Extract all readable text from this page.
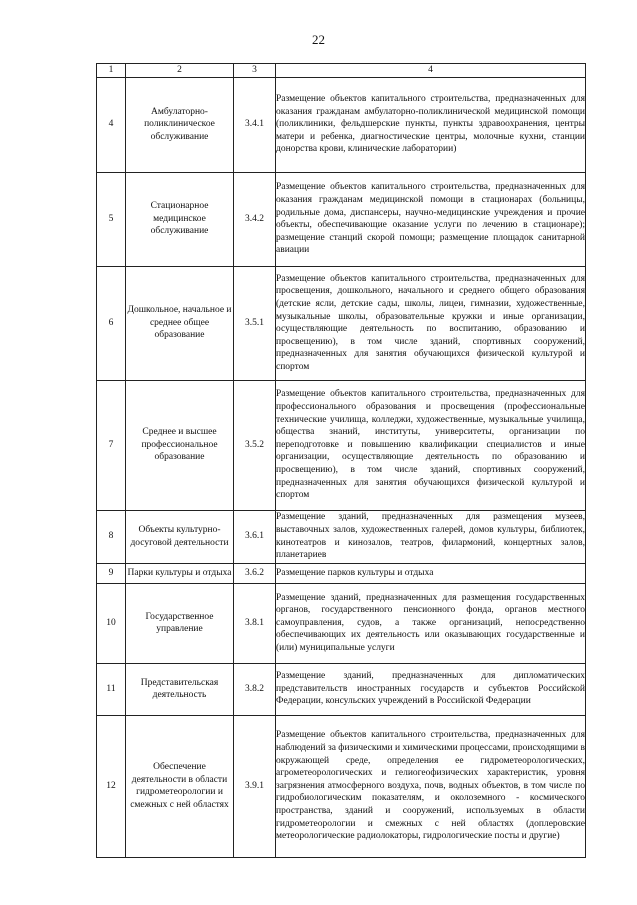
22
1	2	3	4
4	Амбулаторно-поликлиническое обслуживание	3.4.1	Размещение объектов капитального строительства, предназначенных для оказания гражданам амбулаторно-поликлинической медицинской помощи (поликлиники, фельдшерские пункты, пункты здравоохранения, центры матери и ребенка, диагностические центры, молочные кухни, станции донорства крови, клинические лаборатории)
5	Стационарное медицинское обслуживание	3.4.2	Размещение объектов капитального строительства, предназначенных для оказания гражданам медицинской помощи в стационарах (больницы, родильные дома, диспансеры, научно-медицинские учреждения и прочие объекты, обеспечивающие оказание услуги по лечению в стационаре); размещение станций скорой помощи; размещение площадок санитарной авиации
6	Дошкольное, начальное и среднее общее образование	3.5.1	Размещение объектов капитального строительства, предназначенных для просвещения, дошкольного, начального и среднего общего образования (детские ясли, детские сады, школы, лицеи, гимназии, художественные, музыкальные школы, образовательные кружки и иные организации, осуществляющие деятельность по воспитанию, образованию и просвещению), в том числе зданий, спортивных сооружений, предназначенных для занятия обучающихся физической культурой и спортом
7	Среднее и высшее профессиональное образование	3.5.2	Размещение объектов капитального строительства, предназначенных для профессионального образования и просвещения (профессиональные технические училища, колледжи, художественные, музыкальные училища, общества знаний, институты, университеты, организации по переподготовке и повышению квалификации специалистов и иные организации, осуществляющие деятельность по образованию и просвещению), в том числе зданий, спортивных сооружений, предназначенных для занятия обучающихся физической культурой и спортом
8	Объекты культурно-досуговой деятельности	3.6.1	Размещение зданий, предназначенных для размещения музеев, выставочных залов, художественных галерей, домов культуры, библиотек, кинотеатров и кинозалов, театров, филармоний, концертных залов, планетариев
9	Парки культуры и отдыха	3.6.2	Размещение парков культуры и отдыха
10	Государственное управление	3.8.1	Размещение зданий, предназначенных для размещения государственных органов, государственного пенсионного фонда, органов местного самоуправления, судов, а также организаций, непосредственно обеспечивающих их деятельность или оказывающих государственные и (или) муниципальные услуги
11	Представительская деятельность	3.8.2	Размещение зданий, предназначенных для дипломатических представительств иностранных государств и субъектов Российской Федерации, консульских учреждений в Российской Федерации
12	Обеспечение деятельности в области гидрометеорологии и смежных с ней областях	3.9.1	Размещение объектов капитального строительства, предназначенных для наблюдений за физическими и химическими процессами, происходящими в окружающей среде, определения ее гидрометеорологических, агрометеорологических и гелиогеофизических характеристик, уровня загрязнения атмосферного воздуха, почв, водных объектов, в том числе по гидробиологическим показателям, и околоземного - космического пространства, зданий и сооружений, используемых в области гидрометеорологии и смежных с ней областях (доплеровские метеорологические радиолокаторы, гидрологические посты и другие)
